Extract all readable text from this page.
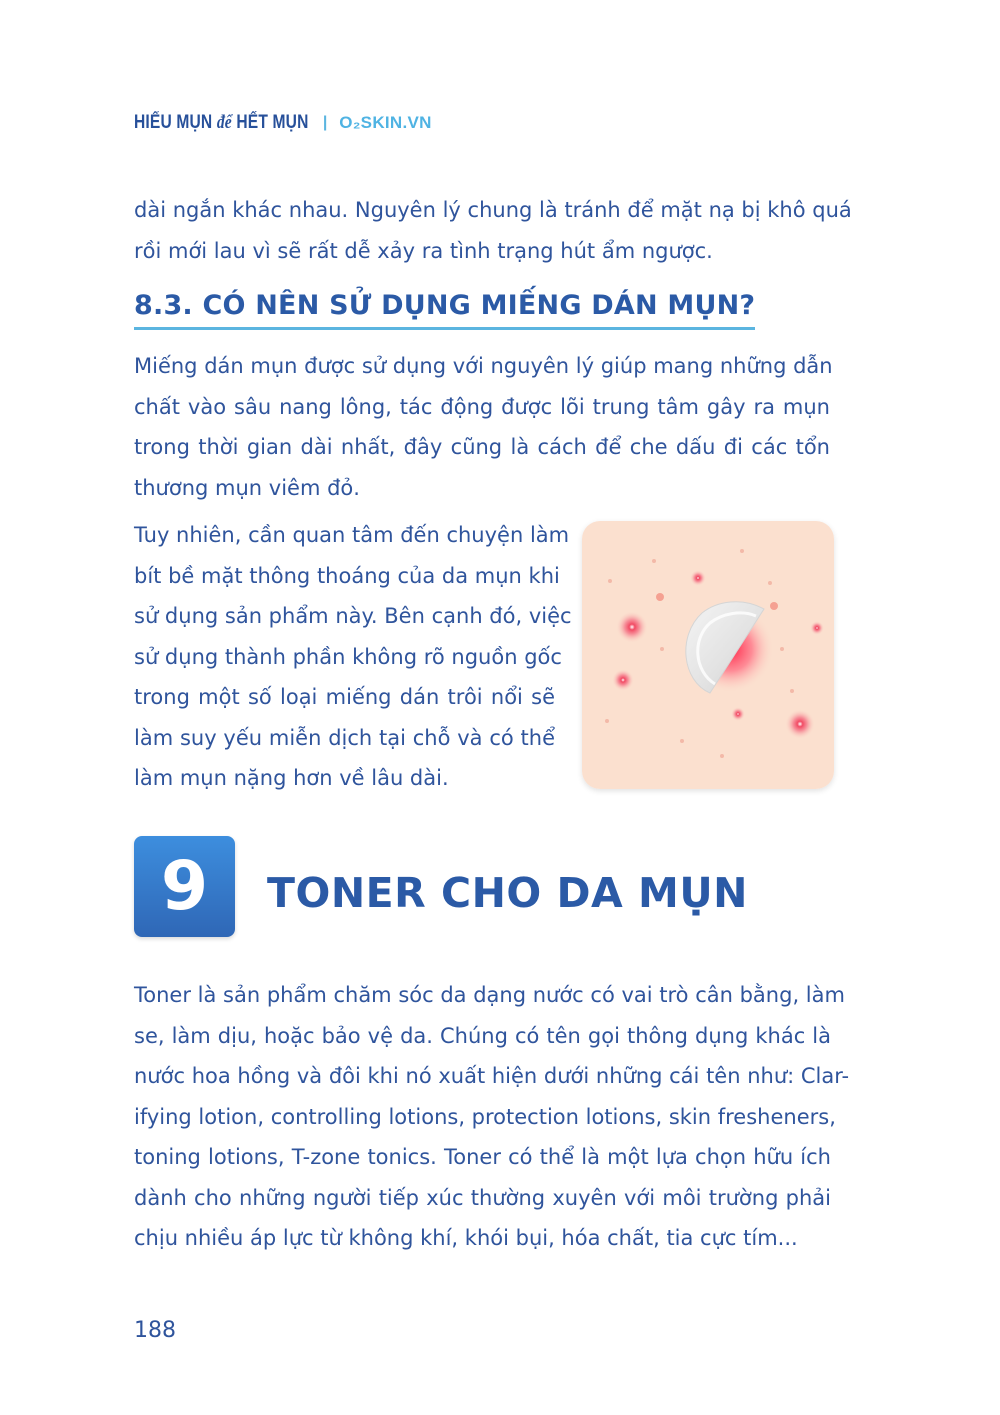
HIỂU MỤN để HẾT MỤN | O₂SKIN.VN
dài ngắn khác nhau. Nguyên lý chung là tránh để mặt nạ bị khô quá
rồi mới lau vì sẽ rất dễ xảy ra tình trạng hút ẩm ngược.
8.3. CÓ NÊN SỬ DỤNG MIẾNG DÁN MỤN?
Miếng dán mụn được sử dụng với nguyên lý giúp mang những dẫn
chất vào sâu nang lông, tác động được lõi trung tâm gây ra mụn
trong thời gian dài nhất, đây cũng là cách để che dấu đi các tổn
thương mụn viêm đỏ.
Tuy nhiên, cần quan tâm đến chuyện làm
bít bề mặt thông thoáng của da mụn khi
sử dụng sản phẩm này. Bên cạnh đó, việc
sử dụng thành phần không rõ nguồn gốc
trong một số loại miếng dán trôi nổi sẽ
làm suy yếu miễn dịch tại chỗ và có thể
làm mụn nặng hơn về lâu dài.
9	TONER CHO DA MỤN
Toner là sản phẩm chăm sóc da dạng nước có vai trò cân bằng, làm
se, làm dịu, hoặc bảo vệ da. Chúng có tên gọi thông dụng khác là
nước hoa hồng và đôi khi nó xuất hiện dưới những cái tên như: Clar-
ifying lotion, controlling lotions, protection lotions, skin fresheners,
toning lotions, T-zone tonics. Toner có thể là một lựa chọn hữu ích
dành cho những người tiếp xúc thường xuyên với môi trường phải
chịu nhiều áp lực từ không khí, khói bụi, hóa chất, tia cực tím...
188
